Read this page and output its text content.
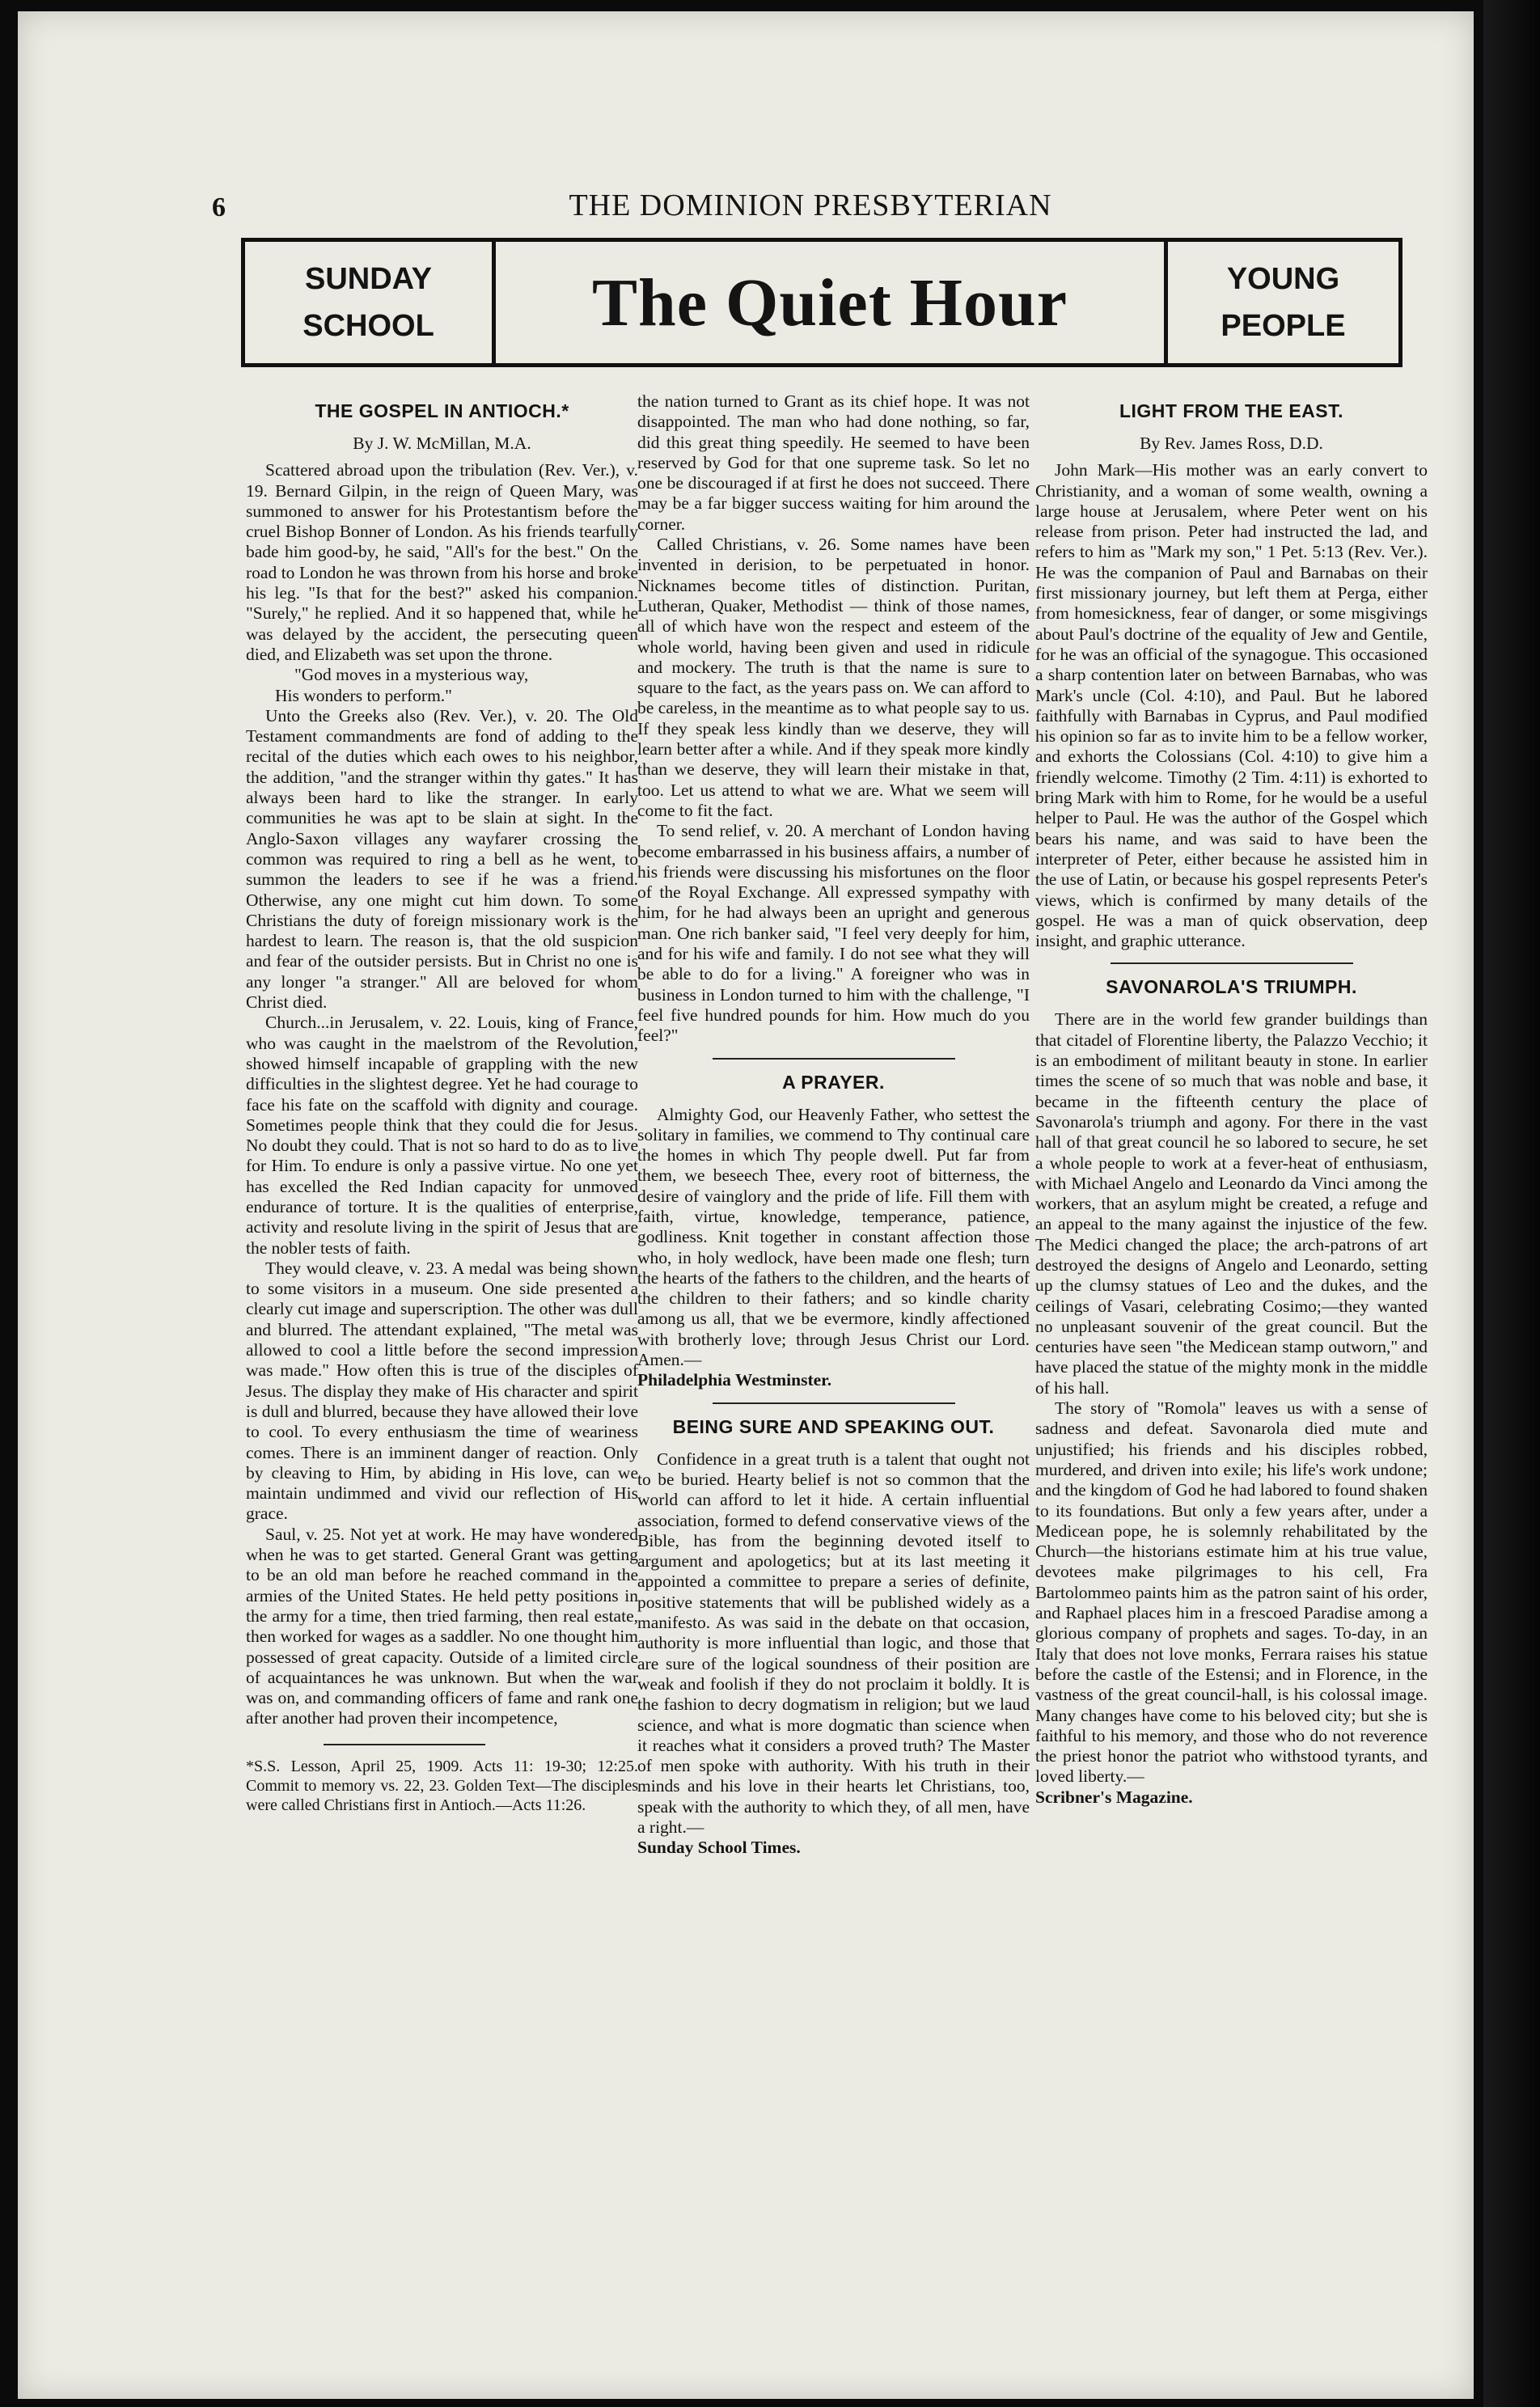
6	THE DOMINION PRESBYTERIAN
SUNDAY
SCHOOL	The Quiet Hour	YOUNG
PEOPLE
THE GOSPEL IN ANTIOCH.*
By J. W. McMillan, M.A.

Scattered abroad upon the tribulation (Rev. Ver.), v. 19. Bernard Gilpin, in the reign of Queen Mary, was summoned to answer for his Protestantism before the cruel Bishop Bonner of London. As his friends tearfully bade him good-by, he said, "All's for the best." On the road to London he was thrown from his horse and broke his leg. "Is that for the best?" asked his companion. "Surely," he replied. And it so happened that, while he was delayed by the accident, the persecuting queen died, and Elizabeth was set upon the throne.

"God moves in a mysterious way,

His wonders to perform."

Unto the Greeks also (Rev. Ver.), v. 20. The Old Testament commandments are fond of adding to the recital of the duties which each owes to his neighbor, the addition, "and the stranger within thy gates." It has always been hard to like the stranger. In early communities he was apt to be slain at sight. In the Anglo-Saxon villages any wayfarer crossing the common was required to ring a bell as he went, to summon the leaders to see if he was a friend. Otherwise, any one might cut him down. To some Christians the duty of foreign missionary work is the hardest to learn. The reason is, that the old suspicion and fear of the outsider persists. But in Christ no one is any longer "a stranger." All are beloved for whom Christ died.

Church...in Jerusalem, v. 22. Louis, king of France, who was caught in the maelstrom of the Revolution, showed himself incapable of grappling with the new difficulties in the slightest degree. Yet he had courage to face his fate on the scaffold with dignity and courage. Sometimes people think that they could die for Jesus. No doubt they could. That is not so hard to do as to live for Him. To endure is only a passive virtue. No one yet has excelled the Red Indian capacity for unmoved endurance of torture. It is the qualities of enterprise, activity and resolute living in the spirit of Jesus that are the nobler tests of faith.

They would cleave, v. 23. A medal was being shown to some visitors in a museum. One side presented a clearly cut image and superscription. The other was dull and blurred. The attendant explained, "The metal was allowed to cool a little before the second impression was made." How often this is true of the disciples of Jesus. The display they make of His character and spirit is dull and blurred, because they have allowed their love to cool. To every enthusiasm the time of weariness comes. There is an imminent danger of reaction. Only by cleaving to Him, by abiding in His love, can we maintain undimmed and vivid our reflection of His grace.

Saul, v. 25. Not yet at work. He may have wondered when he was to get started. General Grant was getting to be an old man before he reached command in the armies of the United States. He held petty positions in the army for a time, then tried farming, then real estate, then worked for wages as a saddler. No one thought him possessed of great capacity. Outside of a limited circle of acquaintances he was unknown. But when the war was on, and commanding officers of fame and rank one after another had proven their incompetence,

*S.S. Lesson, April 25, 1909. Acts 11: 19-30; 12:25. Commit to memory vs. 22, 23. Golden Text—The disciples were called Christians first in Antioch.—Acts 11:26.

the nation turned to Grant as its chief hope. It was not disappointed. The man who had done nothing, so far, did this great thing speedily. He seemed to have been reserved by God for that one supreme task. So let no one be discouraged if at first he does not succeed. There may be a far bigger success waiting for him around the corner.

Called Christians, v. 26. Some names have been invented in derision, to be perpetuated in honor. Nicknames become titles of distinction. Puritan, Lutheran, Quaker, Methodist — think of those names, all of which have won the respect and esteem of the whole world, having been given and used in ridicule and mockery. The truth is that the name is sure to square to the fact, as the years pass on. We can afford to be careless, in the meantime as to what people say to us. If they speak less kindly than we deserve, they will learn better after a while. And if they speak more kindly than we deserve, they will learn their mistake in that, too. Let us attend to what we are. What we seem will come to fit the fact.

To send relief, v. 20. A merchant of London having become embarrassed in his business affairs, a number of his friends were discussing his misfortunes on the floor of the Royal Exchange. All expressed sympathy with him, for he had always been an upright and generous man. One rich banker said, "I feel very deeply for him, and for his wife and family. I do not see what they will be able to do for a living." A foreigner who was in business in London turned to him with the challenge, "I feel five hundred pounds for him. How much do you feel?"

A PRAYER.

Almighty God, our Heavenly Father, who settest the solitary in families, we commend to Thy continual care the homes in which Thy people dwell. Put far from them, we beseech Thee, every root of bitterness, the desire of vainglory and the pride of life. Fill them with faith, virtue, knowledge, temperance, patience, godliness. Knit together in constant affection those who, in holy wedlock, have been made one flesh; turn the hearts of the fathers to the children, and the hearts of the children to their fathers; and so kindle charity among us all, that we be evermore, kindly affectioned with brotherly love; through Jesus Christ our Lord. Amen.—

Philadelphia Westminster.

BEING SURE AND SPEAKING OUT.

Confidence in a great truth is a talent that ought not to be buried. Hearty belief is not so common that the world can afford to let it hide. A certain influential association, formed to defend conservative views of the Bible, has from the beginning devoted itself to argument and apologetics; but at its last meeting it appointed a committee to prepare a series of definite, positive statements that will be published widely as a manifesto. As was said in the debate on that occasion, authority is more influential than logic, and those that are sure of the logical soundness of their position are weak and foolish if they do not proclaim it boldly. It is the fashion to decry dogmatism in religion; but we laud science, and what is more dogmatic than science when it reaches what it considers a proved truth? The Master of men spoke with authority. With his truth in their minds and his love in their hearts let Christians, too, speak with the authority to which they, of all men, have a right.—

Sunday School Times.

LIGHT FROM THE EAST.
By Rev. James Ross, D.D.

John Mark—His mother was an early convert to Christianity, and a woman of some wealth, owning a large house at Jerusalem, where Peter went on his release from prison. Peter had instructed the lad, and refers to him as "Mark my son," 1 Pet. 5:13 (Rev. Ver.). He was the companion of Paul and Barnabas on their first missionary journey, but left them at Perga, either from homesickness, fear of danger, or some misgivings about Paul's doctrine of the equality of Jew and Gentile, for he was an official of the synagogue. This occasioned a sharp contention later on between Barnabas, who was Mark's uncle (Col. 4:10), and Paul. But he labored faithfully with Barnabas in Cyprus, and Paul modified his opinion so far as to invite him to be a fellow worker, and exhorts the Colossians (Col. 4:10) to give him a friendly welcome. Timothy (2 Tim. 4:11) is exhorted to bring Mark with him to Rome, for he would be a useful helper to Paul. He was the author of the Gospel which bears his name, and was said to have been the interpreter of Peter, either because he assisted him in the use of Latin, or because his gospel represents Peter's views, which is confirmed by many details of the gospel. He was a man of quick observation, deep insight, and graphic utterance.

SAVONAROLA'S TRIUMPH.

There are in the world few grander buildings than that citadel of Florentine liberty, the Palazzo Vecchio; it is an embodiment of militant beauty in stone. In earlier times the scene of so much that was noble and base, it became in the fifteenth century the place of Savonarola's triumph and agony. For there in the vast hall of that great council he so labored to secure, he set a whole people to work at a fever-heat of enthusiasm, with Michael Angelo and Leonardo da Vinci among the workers, that an asylum might be created, a refuge and an appeal to the many against the injustice of the few. The Medici changed the place; the arch-patrons of art destroyed the designs of Angelo and Leonardo, setting up the clumsy statues of Leo and the dukes, and the ceilings of Vasari, celebrating Cosimo;—they wanted no unpleasant souvenir of the great council. But the centuries have seen "the Medicean stamp outworn," and have placed the statue of the mighty monk in the middle of his hall.

The story of "Romola" leaves us with a sense of sadness and defeat. Savonarola died mute and unjustified; his friends and his disciples robbed, murdered, and driven into exile; his life's work undone; and the kingdom of God he had labored to found shaken to its foundations. But only a few years after, under a Medicean pope, he is solemnly rehabilitated by the Church—the historians estimate him at his true value, devotees make pilgrimages to his cell, Fra Bartolommeo paints him as the patron saint of his order, and Raphael places him in a frescoed Paradise among a glorious company of prophets and sages. To-day, in an Italy that does not love monks, Ferrara raises his statue before the castle of the Estensi; and in Florence, in the vastness of the great council-hall, is his colossal image. Many changes have come to his beloved city; but she is faithful to his memory, and those who do not reverence the priest honor the patriot who withstood tyrants, and loved liberty.—

Scribner's Magazine.
